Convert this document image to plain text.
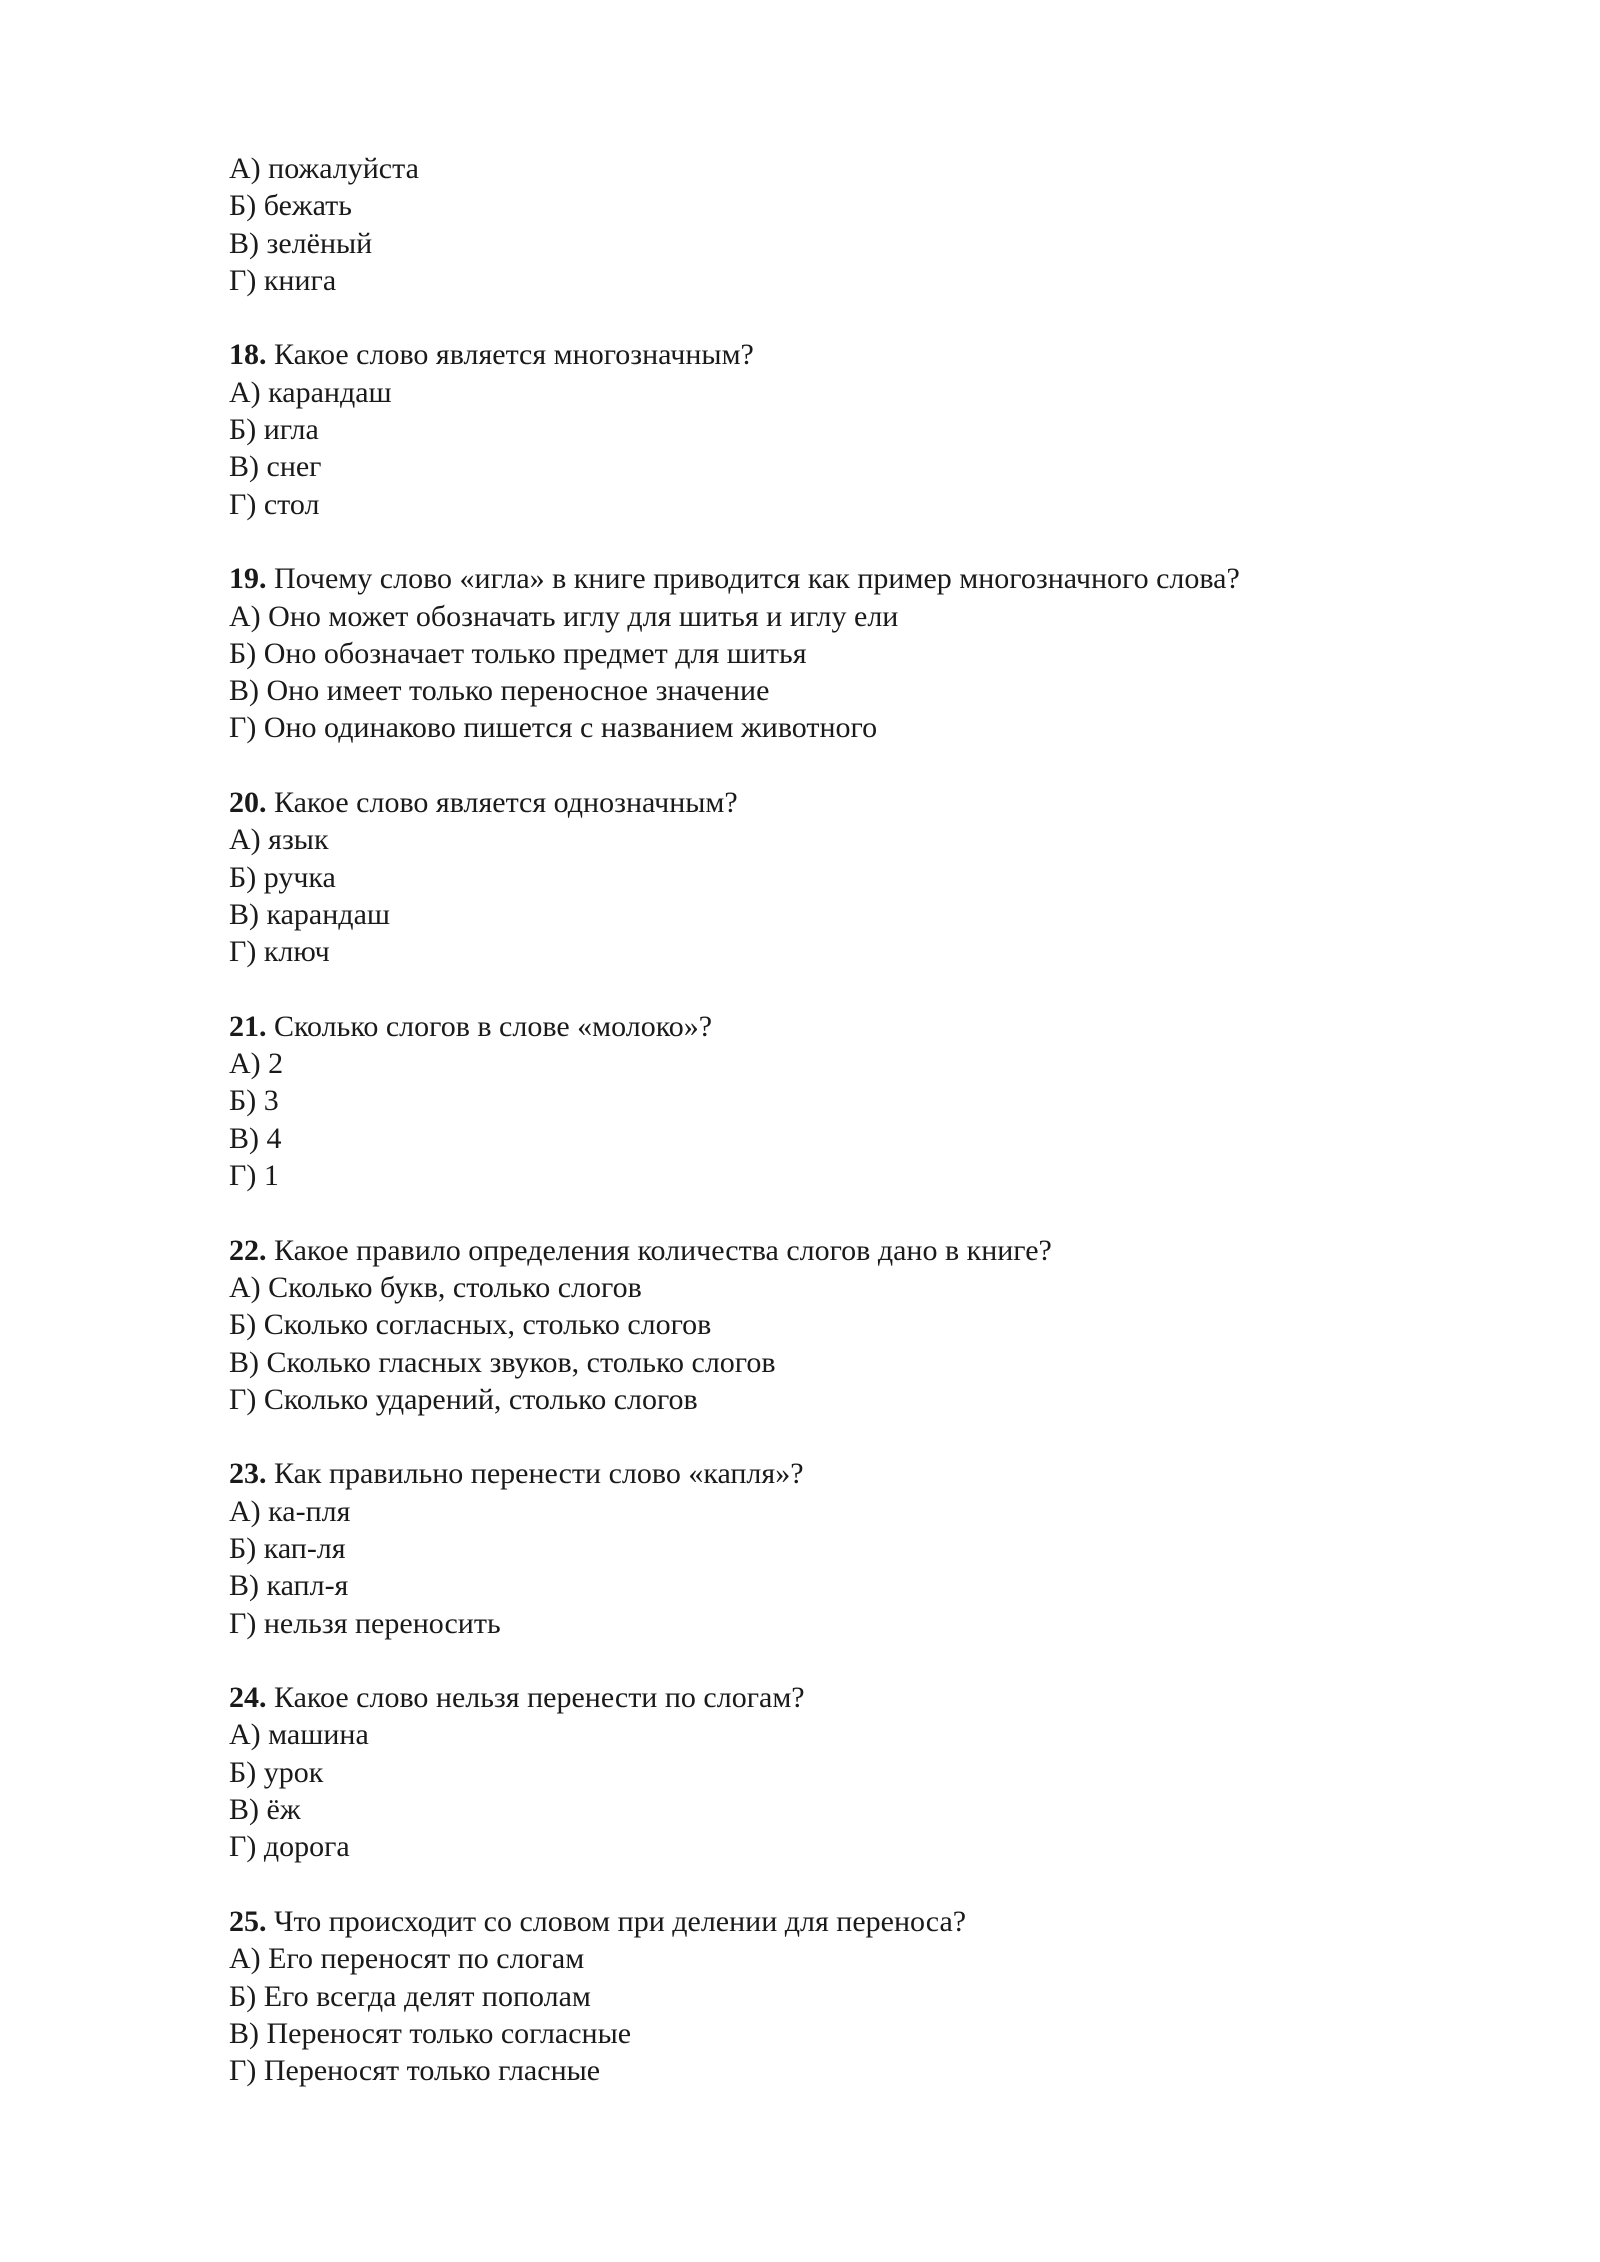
А) пожалуйста
Б) бежать
В) зелёный
Г) книга
18. Какое слово является многозначным?
А) карандаш
Б) игла
В) снег
Г) стол
19. Почему слово «игла» в книге приводится как пример многозначного слова?
А) Оно может обозначать иглу для шитья и иглу ели
Б) Оно обозначает только предмет для шитья
В) Оно имеет только переносное значение
Г) Оно одинаково пишется с названием животного
20. Какое слово является однозначным?
А) язык
Б) ручка
В) карандаш
Г) ключ
21. Сколько слогов в слове «молоко»?
А) 2
Б) 3
В) 4
Г) 1
22. Какое правило определения количества слогов дано в книге?
А) Сколько букв, столько слогов
Б) Сколько согласных, столько слогов
В) Сколько гласных звуков, столько слогов
Г) Сколько ударений, столько слогов
23. Как правильно перенести слово «капля»?
А) ка-пля
Б) кап-ля
В) капл-я
Г) нельзя переносить
24. Какое слово нельзя перенести по слогам?
А) машина
Б) урок
В) ёж
Г) дорога
25. Что происходит со словом при делении для переноса?
А) Его переносят по слогам
Б) Его всегда делят пополам
В) Переносят только согласные
Г) Переносят только гласные
